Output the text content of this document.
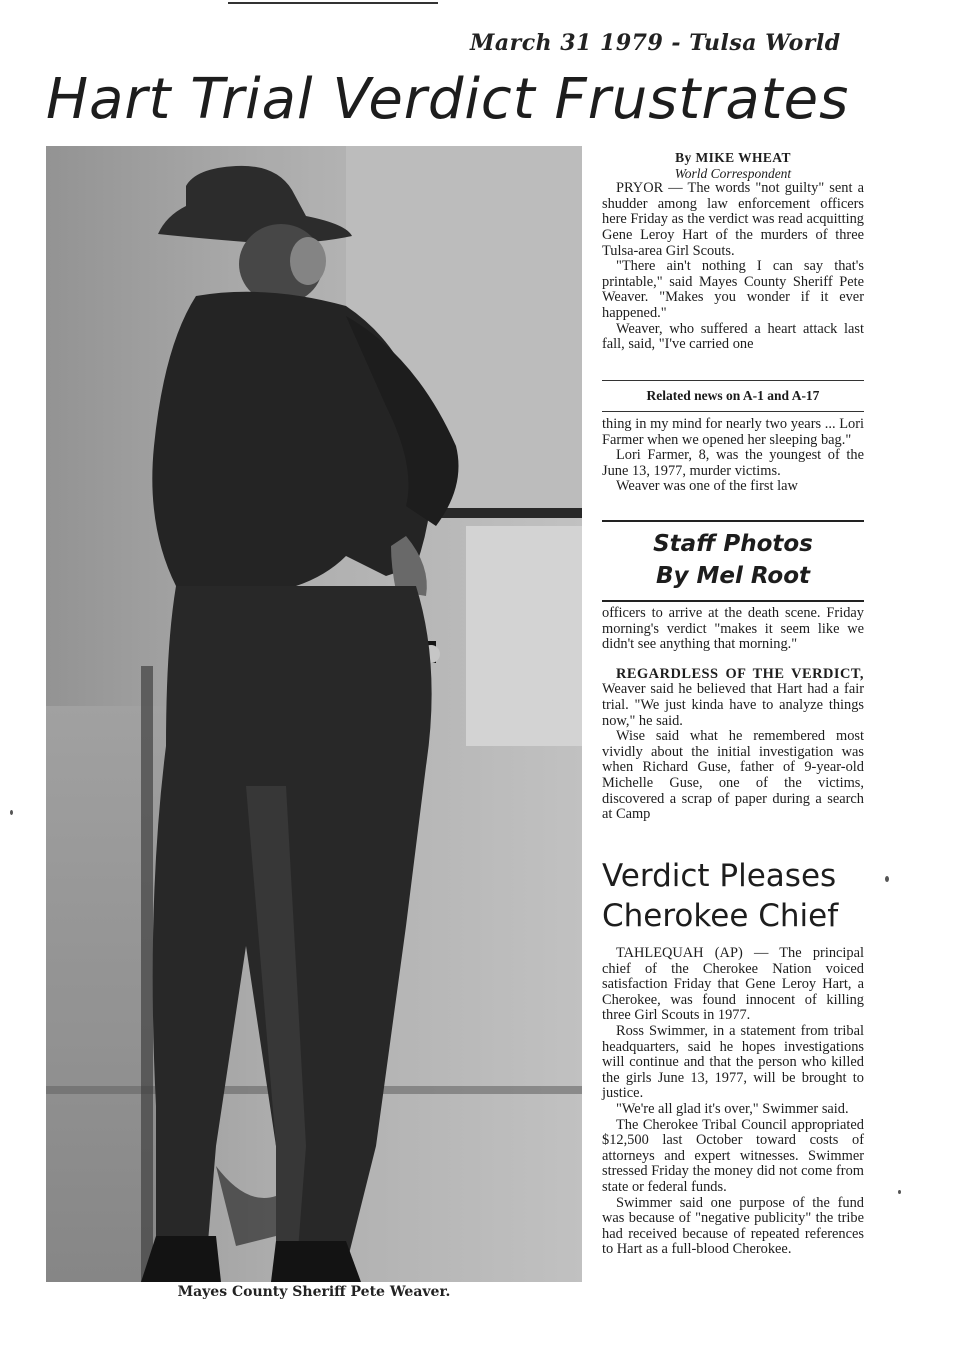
March 31 1979 - Tulsa World
Hart Trial Verdict Frustrates
Mayes County Sheriff Pete Weaver.
By MIKE WHEAT
World Correspondent

PRYOR — The words "not guilty" sent a shudder among law enforcement officers here Friday as the verdict was read acquitting Gene Leroy Hart of the murders of three Tulsa-area Girl Scouts.

"There ain't nothing I can say that's printable," said Mayes County Sheriff Pete Weaver. "Makes you wonder if it ever happened."

Weaver, who suffered a heart attack last fall, said, "I've carried one

Related news on A-1 and A-17

thing in my mind for nearly two years ... Lori Farmer when we opened her sleeping bag."

Lori Farmer, 8, was the youngest of the June 13, 1977, murder victims.

Weaver was one of the first law

Staff Photos
By Mel Root

officers to arrive at the death scene. Friday morning's verdict "makes it seem like we didn't see anything that morning."

REGARDLESS OF THE VERDICT, Weaver said he believed that Hart had a fair trial. "We just kinda have to analyze things now," he said.

Wise said what he remembered most vividly about the initial investigation was when Richard Guse, father of 9-year-old Michelle Guse, one of the victims, discovered a scrap of paper during a search at Camp

Verdict Pleases
Cherokee Chief

TAHLEQUAH (AP) — The principal chief of the Cherokee Nation voiced satisfaction Friday that Gene Leroy Hart, a Cherokee, was found innocent of killing three Girl Scouts in 1977.

Ross Swimmer, in a statement from tribal headquarters, said he hopes investigations will continue and that the person who killed the girls June 13, 1977, will be brought to justice.

"We're all glad it's over," Swimmer said.

The Cherokee Tribal Council appropriated $12,500 last October toward costs of attorneys and expert witnesses. Swimmer stressed Friday the money did not come from state or federal funds.

Swimmer said one purpose of the fund was because of "negative publicity" the tribe had received because of repeated references to Hart as a full-blood Cherokee.
